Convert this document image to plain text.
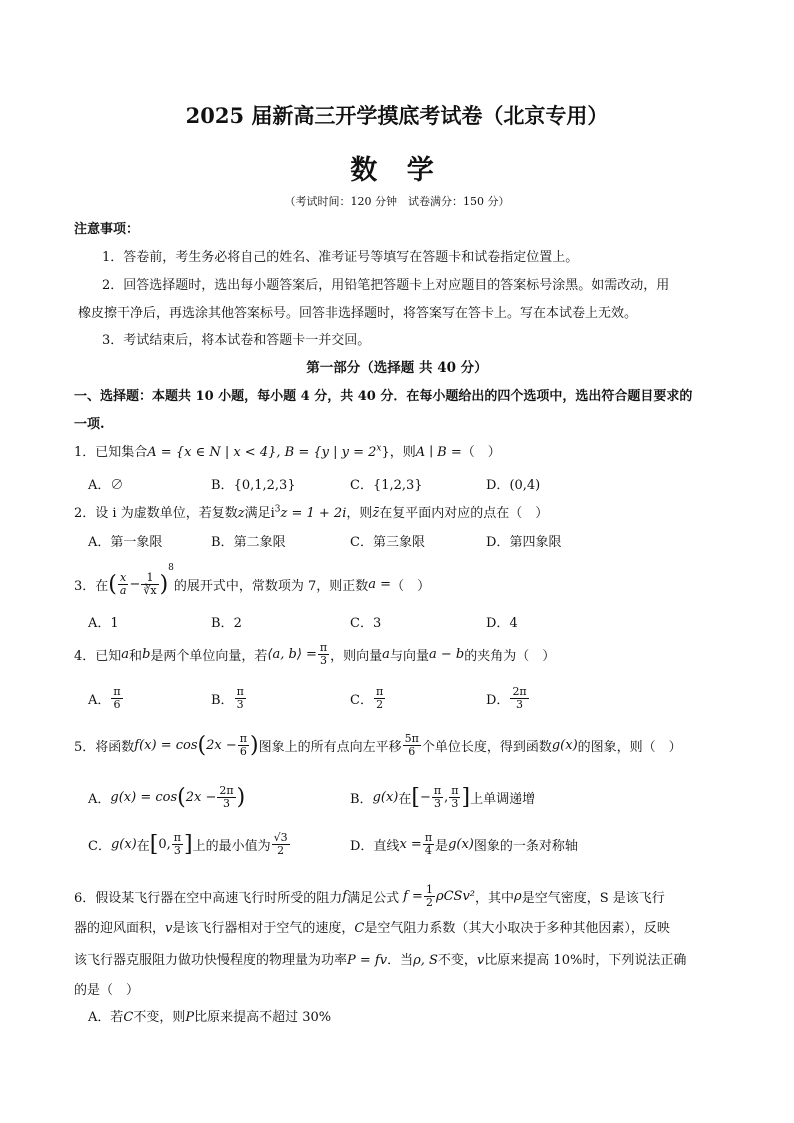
2025 届新高三开学摸底考试卷（北京专用）
数 学
（考试时间：120 分钟　试卷满分：150 分）
注意事项：
1．答卷前，考生务必将自己的姓名、准考证号等填写在答题卡和试卷指定位置上。
2．回答选择题时，选出每小题答案后，用铅笔把答题卡上对应题目的答案标号涂黑。如需改动，用
橡皮擦干净后，再选涂其他答案标号。回答非选择题时，将答案写在答卡上。写在本试卷上无效。
3．考试结束后，将本试卷和答题卡一并交回。
第一部分（选择题 共 40 分）
一、选择题：本题共 10 小题，每小题 4 分，共 40 分．在每小题给出的四个选项中，选出符合题目要求的
一项.
1．已知集合A = {x ∈ N | x < 4}, B = {y | $y = 2^x$}，则A ∣ B =（　）
A．∅	B．{0,1,2,3}	C．{1,2,3}	D．(0,4)
2．设 i 为虚数单位，若复数z满足$i^3z = 1 + 2i$，则z̄在复平面内对应的点在（　）
A．第一象限	B．第二象限	C．第三象限	D．第四象限
3．在( $\frac{x}{a} - \frac{1}{∛x} )^8$的展开式中，常数项为 7，则正数a =（　）
A．1	B．2	C．3	D．4
4．已知a和b是两个单位向量，若⟨a, b⟩ = $\frac{\pi}{3}$ ，则向量a与向量a − b的夹角为（　）
A． $\frac{\pi}{6}$	B． $\frac{\pi}{3}$	C． $\frac{\pi}{2}$	D． $\frac{2\pi}{3}$
5．将函数$f(x) = \cos(2x - \frac{\pi}{6}$ )图象上的所有点向左平移 $\frac{5\pi}{6}$ 个单位长度，得到函数g(x)的图象，则（　）
A．$g(x) = \cos(2x - \frac{2\pi}{3}$ )	B．g(x)在[− $\frac{\pi}{3}$ , $\frac{\pi}{3}$ ]上单调递增
C．g(x)在[0, $\frac{\pi}{3}$ ]上的最小值为 $\frac{√3}{2}$	D．直线$x = \frac{\pi}{4}$ 是g(x)图象的一条对称轴
6．假设某飞行器在空中高速飞行时所受的阻力f满足公式 $f = \frac{1}{2} \rho CSv^2$，其中ρ是空气密度，S 是该飞行
器的迎风面积，v是该飞行器相对于空气的速度，C是空气阻力系数（其大小取决于多种其他因素），反映
该飞行器克服阻力做功快慢程度的物理量为功率P = fv．当ρ, S不变，v比原来提高 10%时，下列说法正确
的是（　）
A．若C不变，则P比原来提高不超过 30%
